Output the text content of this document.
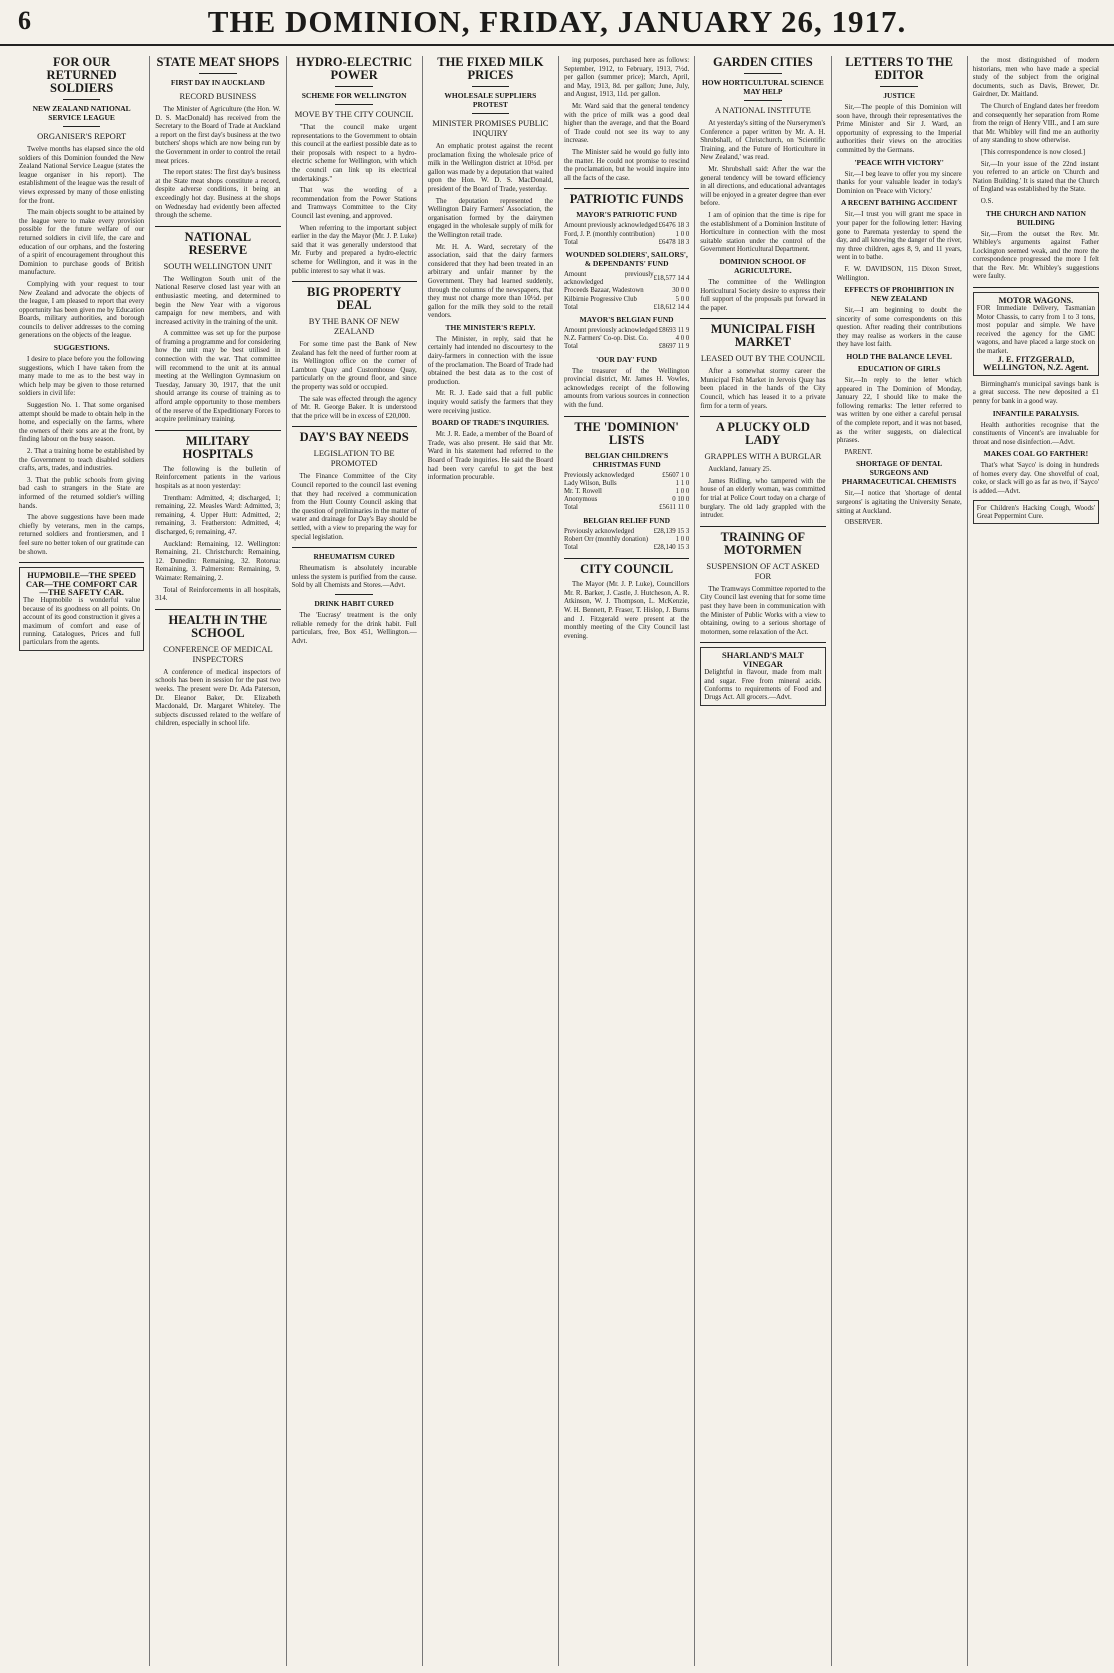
6	THE DOMINION, FRIDAY, JANUARY 26, 1917.
FOR OUR RETURNED SOLDIERS
NEW ZEALAND NATIONAL SERVICE LEAGUE
ORGANISER'S REPORT

Twelve months has elapsed since the old soldiers of this Dominion founded the New Zealand National Service League (states the league organiser in his report). The establishment of the league was the result of views expressed by many of those enlisting for the front.

The main objects sought to be attained by the league were to make every provision possible for the future welfare of our returned soldiers in civil life, the care and education of our orphans, and the fostering of a spirit of encouragement throughout this Dominion to purchase goods of British manufacture.

Complying with your request to tour New Zealand and advocate the objects of the league, I am pleased to report that every opportunity has been given me by Education Boards, military authorities, and borough councils to deliver addresses to the coming generations on the objects of the league.

SUGGESTIONS.

I desire to place before you the following suggestions, which I have taken from the many made to me as to the best way in which help may be given to those returned soldiers in civil life:

Suggestion No. 1. That some organised attempt should be made to obtain help in the home, and especially on the farms, where the owners of their sons are at the front, by finding labour on the busy season.

2. That a training home be established by the Government to teach disabled soldiers crafts, arts, trades, and industries.

3. That the public schools from giving bad cash to strangers in the State are informed of the returned soldier's willing hands.

The above suggestions have been made chiefly by veterans, men in the camps, returned soldiers and frontiersmen, and I feel sure no better token of our gratitude can be shown.

HUPMOBILE—THE SPEED CAR—THE COMFORT CAR—THE SAFETY CAR.
The Hupmobile is wonderful value because of its goodness on all points. On account of its good construction it gives a maximum of comfort and ease of running. Catalogues, Prices and full particulars from the agents.
STATE MEAT SHOPS
FIRST DAY IN AUCKLAND
RECORD BUSINESS

The Minister of Agriculture (the Hon. W. D. S. MacDonald) has received from the Secretary to the Board of Trade at Auckland a report on the first day's business at the two butchers' shops which are now being run by the Government in order to control the retail meat prices.

The report states: The first day's business at the State meat shops constitute a record, despite adverse conditions, it being an exceedingly hot day. Business at the shops on Wednesday had evidently been affected through the scheme.

NATIONAL RESERVE
SOUTH WELLINGTON UNIT

The Wellington South unit of the National Reserve closed last year with an enthusiastic meeting, and determined to begin the New Year with a vigorous campaign for new members, and with increased activity in the training of the unit.

A committee was set up for the purpose of framing a programme and for considering how the unit may be best utilised in connection with the war. That committee will recommend to the unit at its annual meeting at the Wellington Gymnasium on Tuesday, January 30, 1917, that the unit should arrange its course of training as to afford ample opportunity to those members of the reserve of the Expeditionary Forces to acquire preliminary training.

MILITARY HOSPITALS

The following is the bulletin of Reinforcement patients in the various hospitals as at noon yesterday:

Trentham: Admitted, 4; discharged, 1; remaining, 22. Measles Ward: Admitted, 3; remaining, 4. Upper Hutt: Admitted, 2; remaining, 3. Featherston: Admitted, 4; discharged, 6; remaining, 47.

Auckland: Remaining, 12. Wellington: Remaining, 21. Christchurch: Remaining, 12. Dunedin: Remaining, 32. Rotorua: Remaining, 3. Palmerston: Remaining, 9. Waimate: Remaining, 2.

Total of Reinforcements in all hospitals, 314.

HEALTH IN THE SCHOOL
CONFERENCE OF MEDICAL INSPECTORS

A conference of medical inspectors of schools has been in session for the past two weeks. The present were Dr. Ada Paterson, Dr. Eleanor Baker, Dr. Elizabeth Macdonald, Dr. Margaret Whiteley. The subjects discussed related to the welfare of children, especially in school life.

HYDRO-ELECTRIC POWER
SCHEME FOR WELLINGTON
MOVE BY THE CITY COUNCIL

"That the council make urgent representations to the Government to obtain this council at the earliest possible date as to their proposals with respect to a hydro-electric scheme for Wellington, with which the council can link up its electrical undertakings."

That was the wording of a recommendation from the Power Stations and Tramways Committee to the City Council last evening, and approved.

When referring to the important subject earlier in the day the Mayor (Mr. J. P. Luke) said that it was generally understood that Mr. Furby and prepared a hydro-electric scheme for Wellington, and it was in the public interest to say what it was.

BIG PROPERTY DEAL
BY THE BANK OF NEW ZEALAND

For some time past the Bank of New Zealand has felt the need of further room at its Wellington office on the corner of Lambton Quay and Customhouse Quay, particularly on the ground floor, and since the property was sold or occupied.

The sale was effected through the agency of Mr. R. George Baker. It is understood that the price will be in excess of £20,000.

DAY'S BAY NEEDS
LEGISLATION TO BE PROMOTED

The Finance Committee of the City Council reported to the council last evening that they had received a communication from the Hutt County Council asking that the question of preliminaries in the matter of water and drainage for Day's Bay should be settled, with a view to preparing the way for special legislation.

RHEUMATISM CURED

Rheumatism is absolutely incurable unless the system is purified from the cause. Sold by all Chemists and Stores.—Advt.

DRINK HABIT CURED

The 'Eucrasy' treatment is the only reliable remedy for the drink habit. Full particulars, free, Box 451, Wellington.—Advt.

THE FIXED MILK PRICES
WHOLESALE SUPPLIERS PROTEST
MINISTER PROMISES PUBLIC INQUIRY

An emphatic protest against the recent proclamation fixing the wholesale price of milk in the Wellington district at 10½d. per gallon was made by a deputation that waited upon the Hon. W. D. S. MacDonald, president of the Board of Trade, yesterday.

The deputation represented the Wellington Dairy Farmers' Association, the organisation formed by the dairymen engaged in the wholesale supply of milk for the Wellington retail trade.

Mr. H. A. Ward, secretary of the association, said that the dairy farmers considered that they had been treated in an arbitrary and unfair manner by the Government. They had learned suddenly, through the columns of the newspapers, that they must not charge more than 10½d. per gallon for the milk they sold to the retail vendors.

THE MINISTER'S REPLY.

The Minister, in reply, said that he certainly had intended no discourtesy to the dairy-farmers in connection with the issue of the proclamation. The Board of Trade had obtained the best data as to the cost of production.

Mr. R. J. Eade said that a full public inquiry would satisfy the farmers that they were receiving justice.

BOARD OF TRADE'S INQUIRIES.

Mr. J. R. Eade, a member of the Board of Trade, was also present. He said that Mr. Ward in his statement had referred to the Board of Trade inquiries. He said the Board had been very careful to get the best information procurable.

ing purposes, purchased here as follows: September, 1912, to February, 1913, 7½d. per gallon (summer price); March, April, and May, 1913, 8d. per gallon; June, July, and August, 1913, 11d. per gallon.

Mr. Ward said that the general tendency with the price of milk was a good deal higher than the average, and that the Board of Trade could not see its way to any increase.

The Minister said he would go fully into the matter. He could not promise to rescind the proclamation, but he would inquire into all the facts of the case.

PATRIOTIC FUNDS
MAYOR'S PATRIOTIC FUND
Amount previously acknowledged	£6476 18 3
Ford, J. P. (monthly contribution)	1 0 0
Total	£6478 18 3
WOUNDED SOLDIERS', SAILORS', & DEPENDANTS' FUND
Amount previously acknowledged	£18,577 14 4
Proceeds Bazaar, Wadestown	30 0 0
Kilbirnie Progressive Club	5 0 0
Total	£18,612 14 4
MAYOR'S BELGIAN FUND
Amount previously acknowledged	£8693 11 9
N.Z. Farmers' Co-op. Dist. Co.	4 0 0
Total	£8697 11 9
'OUR DAY' FUND

The treasurer of the Wellington provincial district, Mr. James H. Vowles, acknowledges receipt of the following amounts from various sources in connection with the fund.

THE 'DOMINION' LISTS
BELGIAN CHILDREN'S CHRISTMAS FUND
Previously acknowledged	£5607 1 0
Lady Wilson, Bulls	1 1 0
Mr. T. Rowell	1 0 0
Anonymous	0 10 0
Total	£5611 11 0
BELGIAN RELIEF FUND
Previously acknowledged	£28,139 15 3
Robert Orr (monthly donation)	1 0 0
Total	£28,140 15 3
CITY COUNCIL

The Mayor (Mr. J. P. Luke), Councillors Mr. R. Barker, J. Castle, J. Hutcheson, A. R. Atkinson, W. J. Thompson, L. McKenzie, W. H. Bennett, P. Fraser, T. Hislop, J. Burns and J. Fitzgerald were present at the monthly meeting of the City Council last evening.

GARDEN CITIES
HOW HORTICULTURAL SCIENCE MAY HELP
A NATIONAL INSTITUTE

At yesterday's sitting of the Nurserymen's Conference a paper written by Mr. A. H. Shrubshall, of Christchurch, on 'Scientific Training, and the Future of Horticulture in New Zealand,' was read.

Mr. Shrubshall said: After the war the general tendency will be toward efficiency in all directions, and educational advantages will be enjoyed in a greater degree than ever before.

I am of opinion that the time is ripe for the establishment of a Dominion Institute of Horticulture in connection with the most suitable station under the control of the Government Horticultural Department.

DOMINION SCHOOL OF AGRICULTURE.

The committee of the Wellington Horticultural Society desire to express their full support of the proposals put forward in the paper.

MUNICIPAL FISH MARKET
LEASED OUT BY THE COUNCIL

After a somewhat stormy career the Municipal Fish Market in Jervois Quay has been placed in the hands of the City Council, which has leased it to a private firm for a term of years.

A PLUCKY OLD LADY
GRAPPLES WITH A BURGLAR

Auckland, January 25.

James Ridling, who tampered with the house of an elderly woman, was committed for trial at Police Court today on a charge of burglary. The old lady grappled with the intruder.

TRAINING OF MOTORMEN
SUSPENSION OF ACT ASKED FOR

The Tramways Committee reported to the City Council last evening that for some time past they have been in communication with the Minister of Public Works with a view to obtaining, owing to a serious shortage of motormen, some relaxation of the Act.

SHARLAND'S MALT VINEGAR
Delightful in flavour, made from malt and sugar. Free from mineral acids. Conforms to requirements of Food and Drugs Act. All grocers.—Advt.
LETTERS TO THE EDITOR
JUSTICE

Sir,—The people of this Dominion will soon have, through their representatives the Prime Minister and Sir J. Ward, an opportunity of expressing to the Imperial authorities their views on the atrocities committed by the Germans.

'PEACE WITH VICTORY'

Sir,—I beg leave to offer you my sincere thanks for your valuable leader in today's Dominion on 'Peace with Victory.'

A RECENT BATHING ACCIDENT

Sir,—I trust you will grant me space in your paper for the following letter: Having gone to Paremata yesterday to spend the day, and all knowing the danger of the river, my three children, ages 8, 9, and 11 years, went in to bathe.

F. W. DAVIDSON, 115 Dixon Street, Wellington.

EFFECTS OF PROHIBITION IN NEW ZEALAND

Sir,—I am beginning to doubt the sincerity of some correspondents on this question. After reading their contributions they may realise as workers in the cause they have lost faith.

HOLD THE BALANCE LEVEL
EDUCATION OF GIRLS

Sir,—In reply to the letter which appeared in The Dominion of Monday, January 22, I should like to make the following remarks: The letter referred to was written by one either a careful perusal of the complete report, and it was not based, as the writer suggests, on dialectical phrases.

PARENT.

SHORTAGE OF DENTAL SURGEONS AND PHARMACEUTICAL CHEMISTS

Sir,—I notice that 'shortage of dental surgeons' is agitating the University Senate, sitting at Auckland.

OBSERVER.

the most distinguished of modern historians, men who have made a special study of the subject from the original documents, such as Davis, Brewer, Dr. Gairdner, Dr. Maitland.

The Church of England dates her freedom and consequently her separation from Rome from the reign of Henry VIII., and I am sure that Mr. Whibley will find me an authority of any standing to show otherwise.

[This correspondence is now closed.]

Sir,—In your issue of the 22nd instant you referred to an article on 'Church and Nation Building.' It is stated that the Church of England was established by the State.

O.S.

THE CHURCH AND NATION BUILDING

Sir,—From the outset the Rev. Mr. Whibley's arguments against Father Lockington seemed weak, and the more the correspondence progressed the more I felt that the Rev. Mr. Whibley's suggestions were faulty.

MOTOR WAGONS.
FOR Immediate Delivery, Tasmanian Motor Chassis, to carry from 1 to 3 tons, most popular and simple. We have received the agency for the GMC wagons, and have placed a large stock on the market.
J. E. FITZGERALD, WELLINGTON, N.Z. Agent.

Birmingham's municipal savings bank is a great success. The new deposited a £1 penny for bank in a good way.

INFANTILE PARALYSIS.

Health authorities recognise that the constituents of Vincent's are invaluable for throat and nose disinfection.—Advt.

MAKES COAL GO FARTHER!

That's what 'Sayco' is doing in hundreds of homes every day. One shovelful of coal, coke, or slack will go as far as two, if 'Sayco' is added.—Advt.

For Children's Hacking Cough, Woods' Great Peppermint Cure.
